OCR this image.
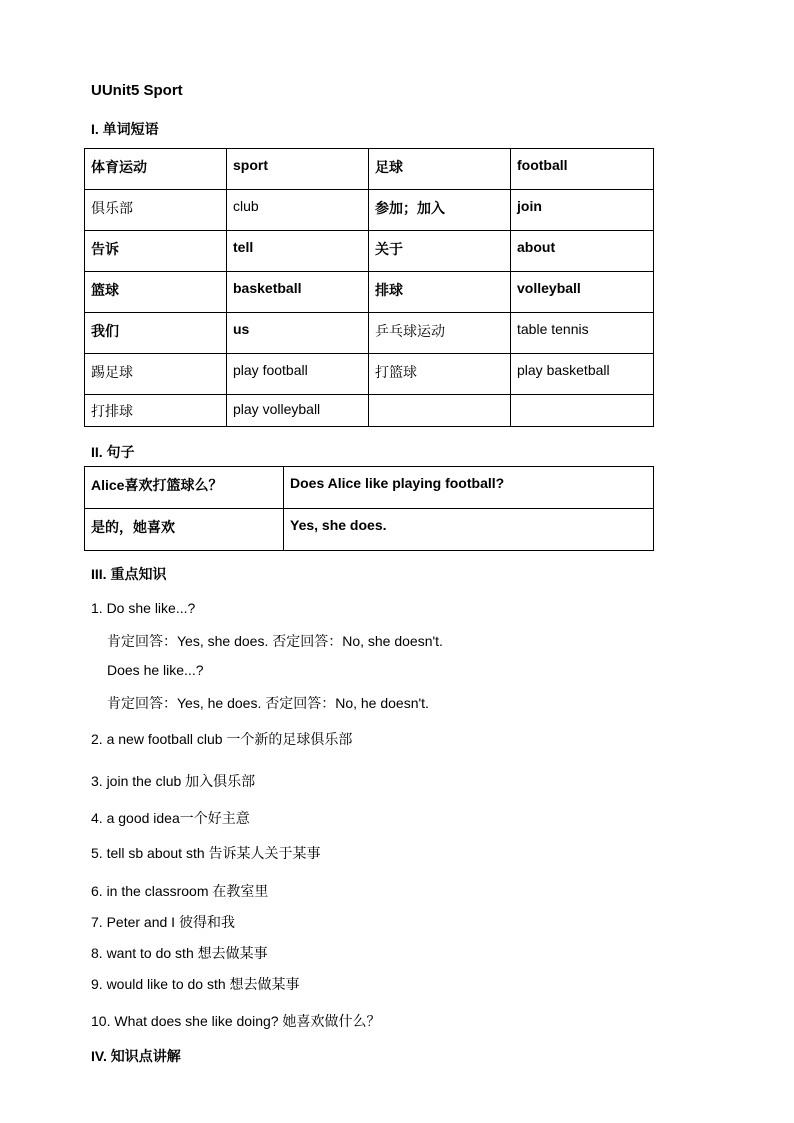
UUnit5 Sport
I. 单词短语
体育运动	sport	足球	football
俱乐部	club	参加；加入	join
告诉	tell	关于	about
篮球	basketball	排球	volleyball
我们	us	乒乓球运动	table tennis
踢足球	play football	打篮球	play basketball
打排球	play volleyball		
II. 句子
Alice喜欢打篮球么？	Does Alice like playing football?
是的，她喜欢	Yes, she does.
III. 重点知识
1. Do she like...?
肯定回答：Yes, she does. 否定回答：No, she doesn't.
Does he like...?
肯定回答：Yes, he does. 否定回答：No, he doesn't.
2. a new football club 一个新的足球俱乐部
3. join the club 加入俱乐部
4. a good idea一个好主意
5. tell sb about sth 告诉某人关于某事
6. in the classroom 在教室里
7. Peter and I 彼得和我
8. want to do sth 想去做某事
9. would like to do sth 想去做某事
10. What does she like doing? 她喜欢做什么？
IV. 知识点讲解
